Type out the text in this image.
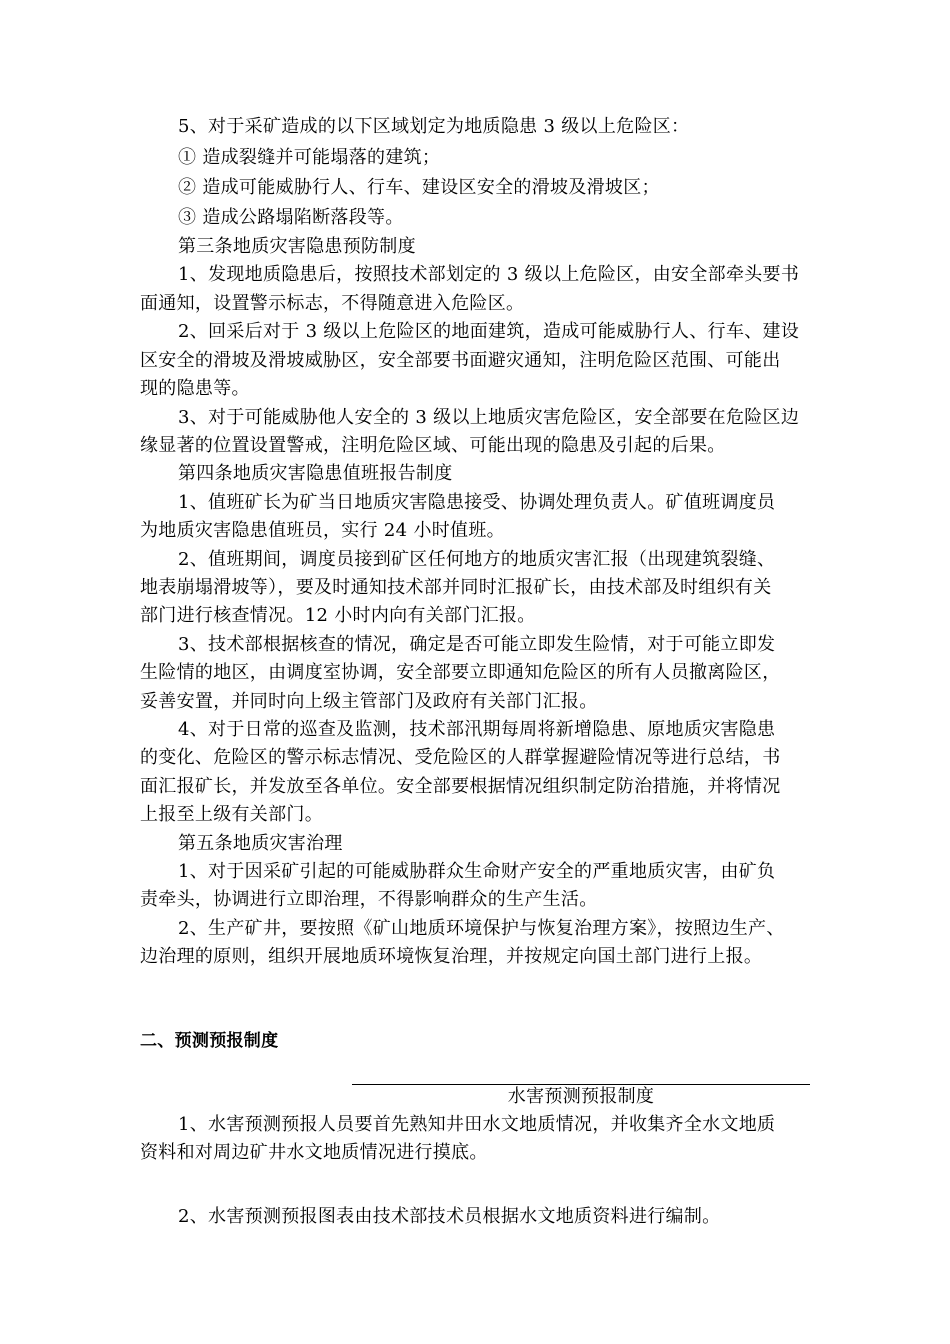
5、对于采矿造成的以下区域划定为地质隐患 3 级以上危险区：
① 造成裂缝并可能塌落的建筑；
② 造成可能威胁行人、行车、建设区安全的滑坡及滑坡区；
③ 造成公路塌陷断落段等。
第三条地质灾害隐患预防制度
1、发现地质隐患后，按照技术部划定的 3 级以上危险区，由安全部牵头要书
面通知，设置警示标志，不得随意进入危险区。
2、回采后对于 3 级以上危险区的地面建筑，造成可能威胁行人、行车、建设
区安全的滑坡及滑坡威胁区，安全部要书面避灾通知，注明危险区范围、可能出
现的隐患等。
3、对于可能威胁他人安全的 3 级以上地质灾害危险区，安全部要在危险区边
缘显著的位置设置警戒，注明危险区域、可能出现的隐患及引起的后果。
第四条地质灾害隐患值班报告制度
1、值班矿长为矿当日地质灾害隐患接受、协调处理负责人。矿值班调度员
为地质灾害隐患值班员，实行 24 小时值班。
2、值班期间，调度员接到矿区任何地方的地质灾害汇报（出现建筑裂缝、
地表崩塌滑坡等），要及时通知技术部并同时汇报矿长，由技术部及时组织有关
部门进行核查情况。12 小时内向有关部门汇报。
3、技术部根据核查的情况，确定是否可能立即发生险情，对于可能立即发
生险情的地区，由调度室协调，安全部要立即通知危险区的所有人员撤离险区，
妥善安置，并同时向上级主管部门及政府有关部门汇报。
4、对于日常的巡查及监测，技术部汛期每周将新增隐患、原地质灾害隐患
的变化、危险区的警示标志情况、受危险区的人群掌握避险情况等进行总结，书
面汇报矿长，并发放至各单位。安全部要根据情况组织制定防治措施，并将情况
上报至上级有关部门。
第五条地质灾害治理
1、对于因采矿引起的可能威胁群众生命财产安全的严重地质灾害，由矿负
责牵头，协调进行立即治理，不得影响群众的生产生活。
2、生产矿井，要按照《矿山地质环境保护与恢复治理方案》，按照边生产、
边治理的原则，组织开展地质环境恢复治理，并按规定向国土部门进行上报。
二、预测预报制度
水害预测预报制度
1、水害预测预报人员要首先熟知井田水文地质情况，并收集齐全水文地质
资料和对周边矿井水文地质情况进行摸底。
2、水害预测预报图表由技术部技术员根据水文地质资料进行编制。
